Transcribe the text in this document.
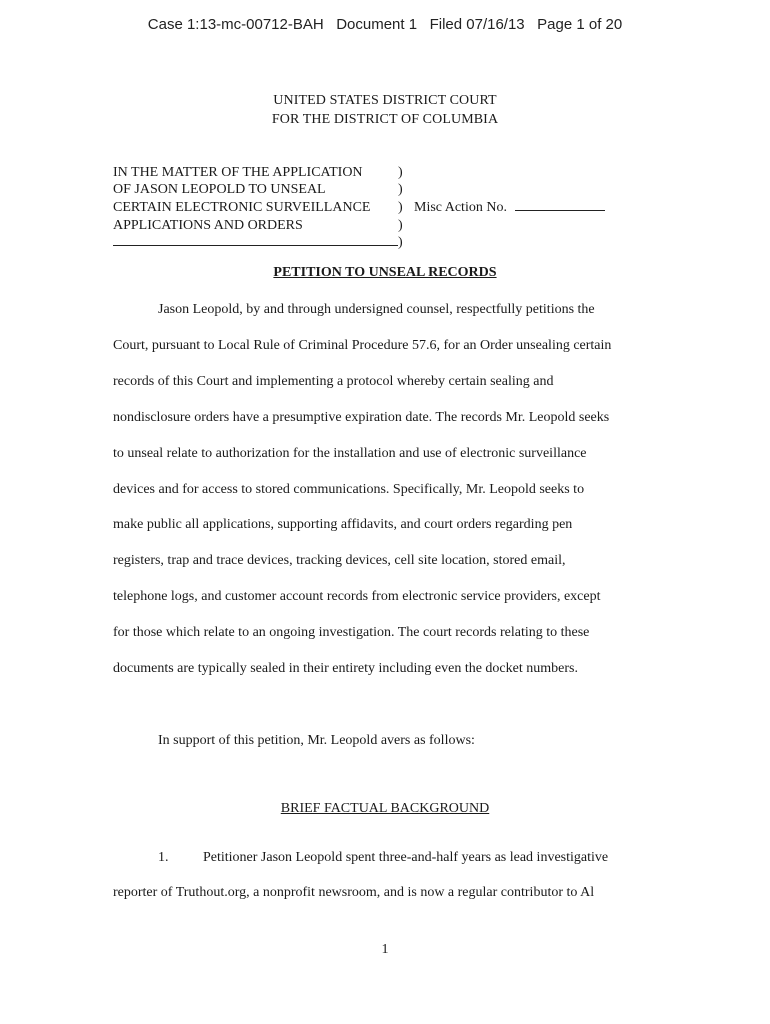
Case 1:13-mc-00712-BAH   Document 1   Filed 07/16/13   Page 1 of 20
UNITED STATES DISTRICT COURT
FOR THE DISTRICT OF COLUMBIA
IN THE MATTER OF THE APPLICATION
OF JASON LEOPOLD TO UNSEAL
CERTAIN ELECTRONIC SURVEILLANCE
APPLICATIONS AND ORDERS
)
)
)
)
)
Misc Action No.
PETITION TO UNSEAL RECORDS
Jason Leopold, by and through undersigned counsel, respectfully petitions the
Court, pursuant to Local Rule of Criminal Procedure 57.6, for an Order unsealing certain
records of this Court and implementing a protocol whereby certain sealing and
nondisclosure orders have a presumptive expiration date. The records Mr. Leopold seeks
to unseal relate to authorization for the installation and use of electronic surveillance
devices and for access to stored communications. Specifically, Mr. Leopold seeks to
make public all applications, supporting affidavits, and court orders regarding pen
registers, trap and trace devices, tracking devices, cell site location, stored email,
telephone logs, and customer account records from electronic service providers, except
for those which relate to an ongoing investigation. The court records relating to these
documents are typically sealed in their entirety including even the docket numbers.
In support of this petition, Mr. Leopold avers as follows:
BRIEF FACTUAL BACKGROUND
1. Petitioner Jason Leopold spent three-and-half years as lead investigative
reporter of Truthout.org, a nonprofit newsroom, and is now a regular contributor to Al
1
